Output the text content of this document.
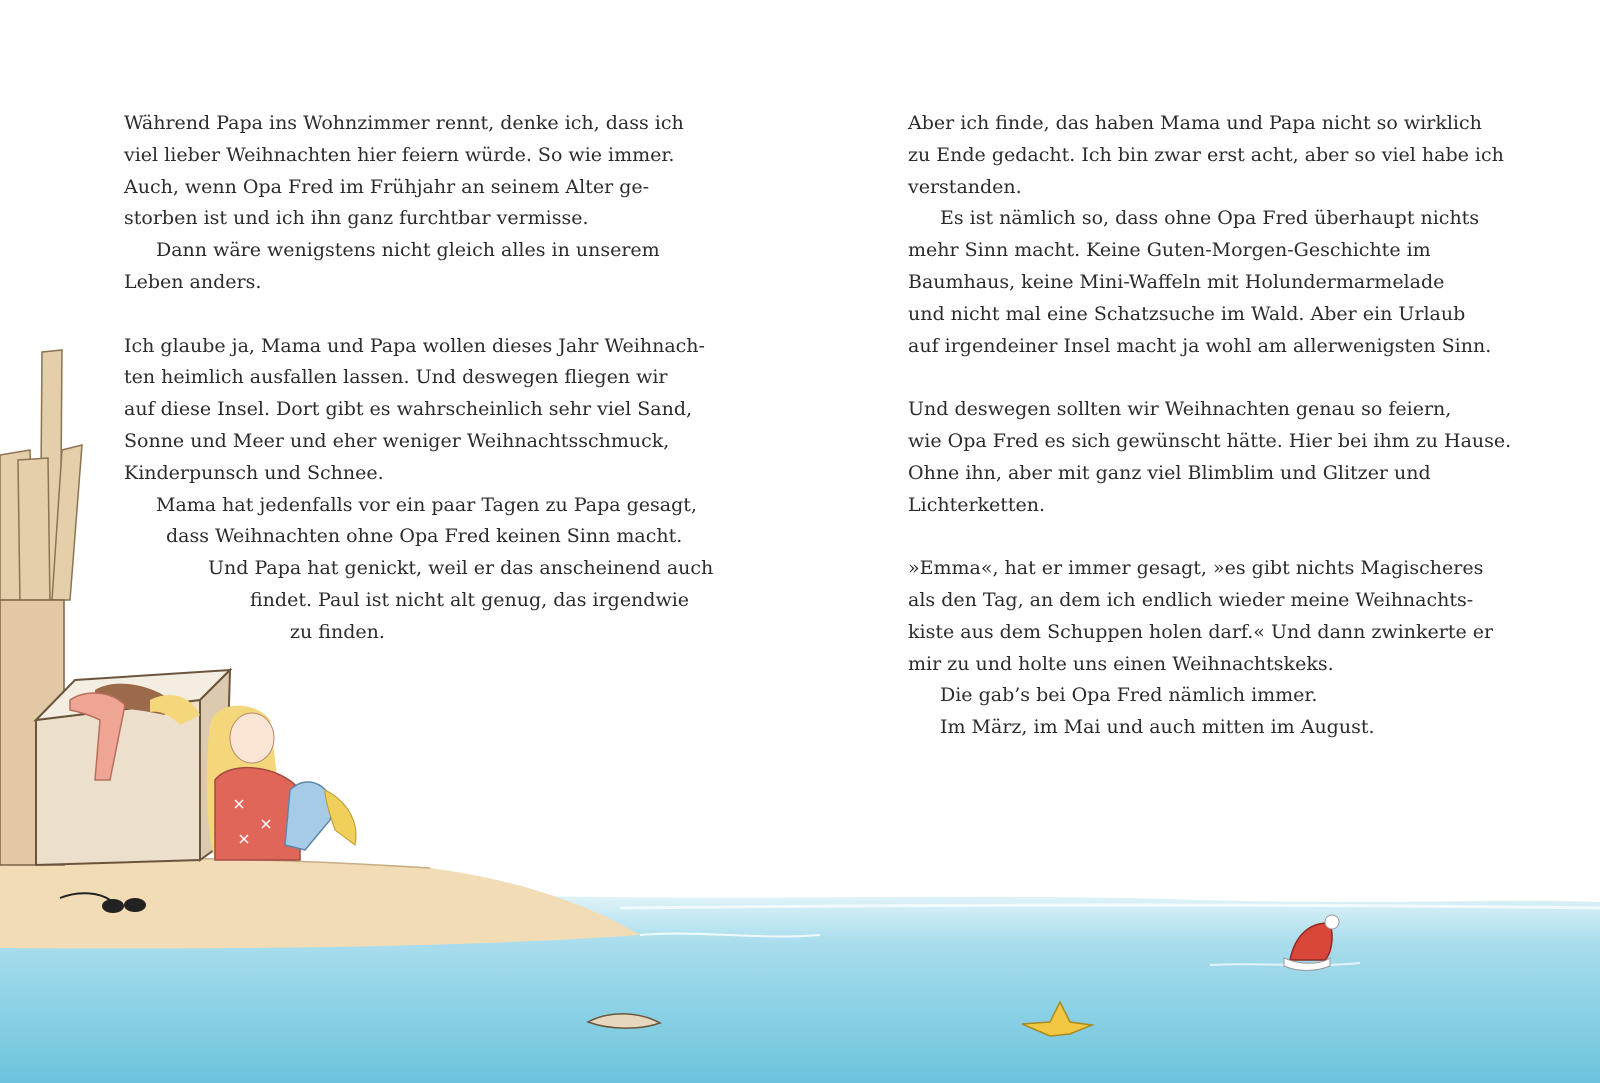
Während Papa ins Wohnzimmer rennt, denke ich, dass ich
viel lieber Weihnachten hier feiern würde. So wie immer.
Auch, wenn Opa Fred im Frühjahr an seinem Alter ge-
storben ist und ich ihn ganz furchtbar vermisse.
Dann wäre wenigstens nicht gleich alles in unserem
Leben anders.

Ich glaube ja, Mama und Papa wollen dieses Jahr Weihnach-
ten heimlich ausfallen lassen. Und deswegen fliegen wir
auf diese Insel. Dort gibt es wahrscheinlich sehr viel Sand,
Sonne und Meer und eher weniger Weihnachtsschmuck,
Kinderpunsch und Schnee.
Mama hat jedenfalls vor ein paar Tagen zu Papa gesagt,
dass Weihnachten ohne Opa Fred keinen Sinn macht.
Und Papa hat genickt, weil er das anscheinend auch
findet. Paul ist nicht alt genug, das irgendwie
zu finden.

Aber ich finde, das haben Mama und Papa nicht so wirklich
zu Ende gedacht. Ich bin zwar erst acht, aber so viel habe ich
verstanden.
Es ist nämlich so, dass ohne Opa Fred überhaupt nichts
mehr Sinn macht. Keine Guten-Morgen-Geschichte im
Baumhaus, keine Mini-Waffeln mit Holundermarmelade
und nicht mal eine Schatzsuche im Wald. Aber ein Urlaub
auf irgendeiner Insel macht ja wohl am allerwenigsten Sinn.

Und deswegen sollten wir Weihnachten genau so feiern,
wie Opa Fred es sich gewünscht hätte. Hier bei ihm zu Hause.
Ohne ihn, aber mit ganz viel Blimblim und Glitzer und
Lichterketten.

»Emma«, hat er immer gesagt, »es gibt nichts Magischeres
als den Tag, an dem ich endlich wieder meine Weihnachts-
kiste aus dem Schuppen holen darf.« Und dann zwinkerte er
mir zu und holte uns einen Weihnachtskeks.
Die gab’s bei Opa Fred nämlich immer.
Im März, im Mai und auch mitten im August.
